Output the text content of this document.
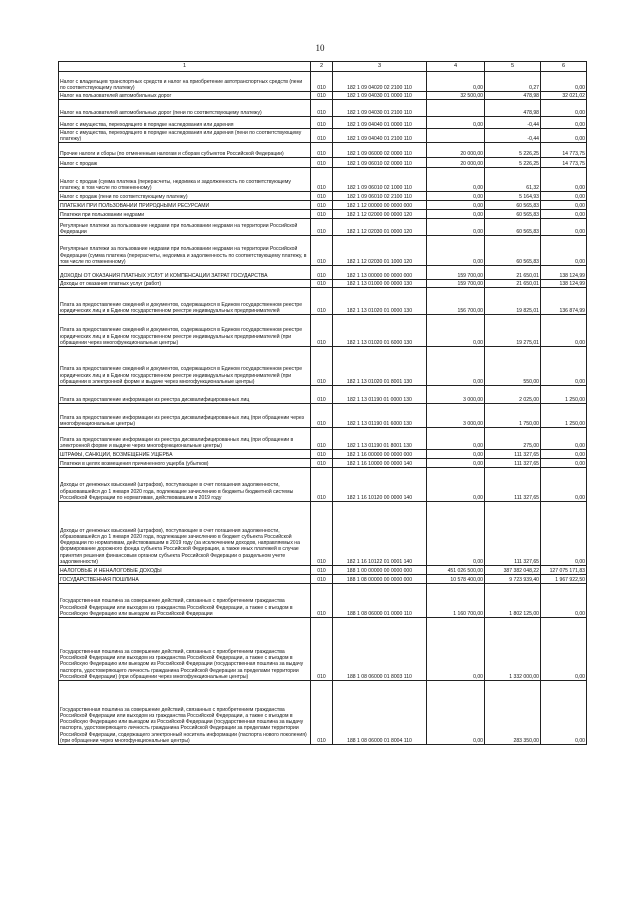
10
1	2	3	4	5	6
Налог с владельцев транспортных средств и налог на приобретение автотранспортных средств (пени по соответствующему платежу)	010	182 1 09 04020 02 2100 110	0,00	0,27	0,00
Налог на пользователей автомобильных дорог	010	182 1 09 04030 01 0000 110	32 500,00	478,98	32 021,02
Налог на пользователей автомобильных дорог (пени по соответствующему платежу)	010	182 1 09 04030 01 2100 110		478,98	0,00
Налог с имущества, переходящего в порядке наследования или дарения	010	182 1 09 04040 01 0000 110	0,00	-0,44	0,00
Налог с имущества, переходящего в порядке наследования или дарения (пени по соответствующему платежу)	010	182 1 09 04040 01 2100 110		-0,44	0,00
Прочие налоги и сборы (по отмененным налогам и сборам субъектов Российской Федерации)	010	182 1 09 06000 02 0000 110	20 000,00	5 226,25	14 773,75
Налог с продаж	010	182 1 09 06010 02 0000 110	20 000,00	5 226,25	14 773,75
Налог с продаж (сумма платежа (перерасчеты, недоимка и задолженность по соответствующему платежу, в том числе по отмененному)	010	182 1 09 06010 02 1000 110	0,00	61,32	0,00
Налог с продаж (пени по соответствующему платежу)	010	182 1 09 06010 02 2100 110	0,00	5 164,93	0,00
ПЛАТЕЖИ ПРИ ПОЛЬЗОВАНИИ ПРИРОДНЫМИ РЕСУРСАМИ	010	182 1 12 00000 00 0000 000	0,00	60 565,83	0,00
Платежи при пользовании недрами	010	182 1 12 02000 00 0000 120	0,00	60 565,83	0,00
Регулярные платежи за пользование недрами при пользовании недрами на территории Российской Федерации	010	182 1 12 02030 01 0000 120	0,00	60 565,83	0,00
Регулярные платежи за пользование недрами при пользовании недрами на территории Российской Федерации (сумма платежа (перерасчеты, недоимка и задолженность по соответствующему платежу, в том числе по отмененному)	010	182 1 12 02030 01 1000 120	0,00	60 565,83	0,00
ДОХОДЫ ОТ ОКАЗАНИЯ ПЛАТНЫХ УСЛУГ И КОМПЕНСАЦИИ ЗАТРАТ ГОСУДАРСТВА	010	182 1 13 00000 00 0000 000	159 700,00	21 650,01	138 124,99
Доходы от оказания платных услуг (работ)	010	182 1 13 01000 00 0000 130	159 700,00	21 650,01	138 124,99
Плата за предоставление сведений и документов, содержащихся в Едином государственном реестре юридических лиц и в Едином государственном реестре индивидуальных предпринимателей	010	182 1 13 01020 01 0000 130	156 700,00	19 825,01	136 874,99
Плата за предоставление сведений и документов, содержащихся в Едином государственном реестре юридических лиц и в Едином государственном реестре индивидуальных предпринимателей (при обращении через многофункциональные центры)	010	182 1 13 01020 01 6000 130	0,00	19 275,01	0,00
Плата за предоставление сведений и документов, содержащихся в Едином государственном реестре юридических лиц и в Едином государственном реестре индивидуальных предпринимателей (при обращении в электронной форме и выдаче через многофункциональные центры)	010	182 1 13 01020 01 8001 130	0,00	550,00	0,00
Плата за предоставление информации из реестра дисквалифицированных лиц	010	182 1 13 01190 01 0000 130	3 000,00	2 025,00	1 250,00
Плата за предоставление информации из реестра дисквалифицированных лиц (при обращении через многофункциональные центры)	010	182 1 13 01190 01 6000 130	3 000,00	1 750,00	1 250,00
Плата за предоставление информации из реестра дисквалифицированных лиц (при обращении в электронной форме и выдаче через многофункциональные центры)	010	182 1 13 01190 01 8001 130	0,00	275,00	0,00
ШТРАФЫ, САНКЦИИ, ВОЗМЕЩЕНИЕ УЩЕРБА	010	182 1 16 00000 00 0000 000	0,00	111 327,65	0,00
Платежи в целях возмещения причиненного ущерба (убытков)	010	182 1 16 10000 00 0000 140	0,00	111 327,65	0,00
Доходы от денежных взысканий (штрафов), поступающие в счет погашения задолженности, образовавшейся до 1 января 2020 года, подлежащие зачислению в бюджеты бюджетной системы Российской Федерации по нормативам, действовавшим в 2019 году	010	182 1 16 10120 00 0000 140	0,00	111 327,65	0,00
Доходы от денежных взысканий (штрафов), поступающие в счет погашения задолженности, образовавшейся до 1 января 2020 года, подлежащие зачислению в бюджет субъекта Российской Федерации по нормативам, действовавшим в 2019 году (за исключением доходов, направляемых на формирование дорожного фонда субъекта Российской Федерации, а также иных платежей в случае принятия решения финансовым органом субъекта Российской Федерации о раздельном учете задолженности)	010	182 1 16 10122 01 0001 140	0,00	111 327,65	0,00
НАЛОГОВЫЕ И НЕНАЛОГОВЫЕ ДОХОДЫ	010	188 1 00 00000 00 0000 000	451 026 500,00	387 382 048,22	127 075 171,83
ГОСУДАРСТВЕННАЯ ПОШЛИНА	010	188 1 08 00000 00 0000 000	10 578 400,00	9 723 939,40	1 967 922,50
Государственная пошлина за совершение действий, связанных с приобретением гражданства Российской Федерации или выходом из гражданства Российской Федерации, а также с въездом в Российскую Федерацию или выездом из Российской Федерации	010	188 1 08 06000 01 0000 110	1 160 700,00	1 802 125,00	0,00
Государственная пошлина за совершение действий, связанных с приобретением гражданства Российской Федерации или выходом из гражданства Российской Федерации, а также с въездом в Российскую Федерацию или выездом из Российской Федерации (государственная пошлина за выдачу паспорта, удостоверяющего личность гражданина Российской Федерации за пределами территории Российской Федерации) (при обращении через многофункциональные центры)	010	188 1 08 06000 01 8003 110	0,00	1 332 000,00	0,00
Государственная пошлина за совершение действий, связанных с приобретением гражданства Российской Федерации или выходом из гражданства Российской Федерации, а также с въездом в Российскую Федерацию или выездом из Российской Федерации (государственная пошлина за выдачу паспорта, удостоверяющего личность гражданина Российской Федерации за пределами территории Российской Федерации, содержащего электронный носитель информации (паспорта нового поколения) (при обращении через многофункциональные центры)	010	188 1 08 06000 01 8004 110	0,00	283 350,00	0,00
